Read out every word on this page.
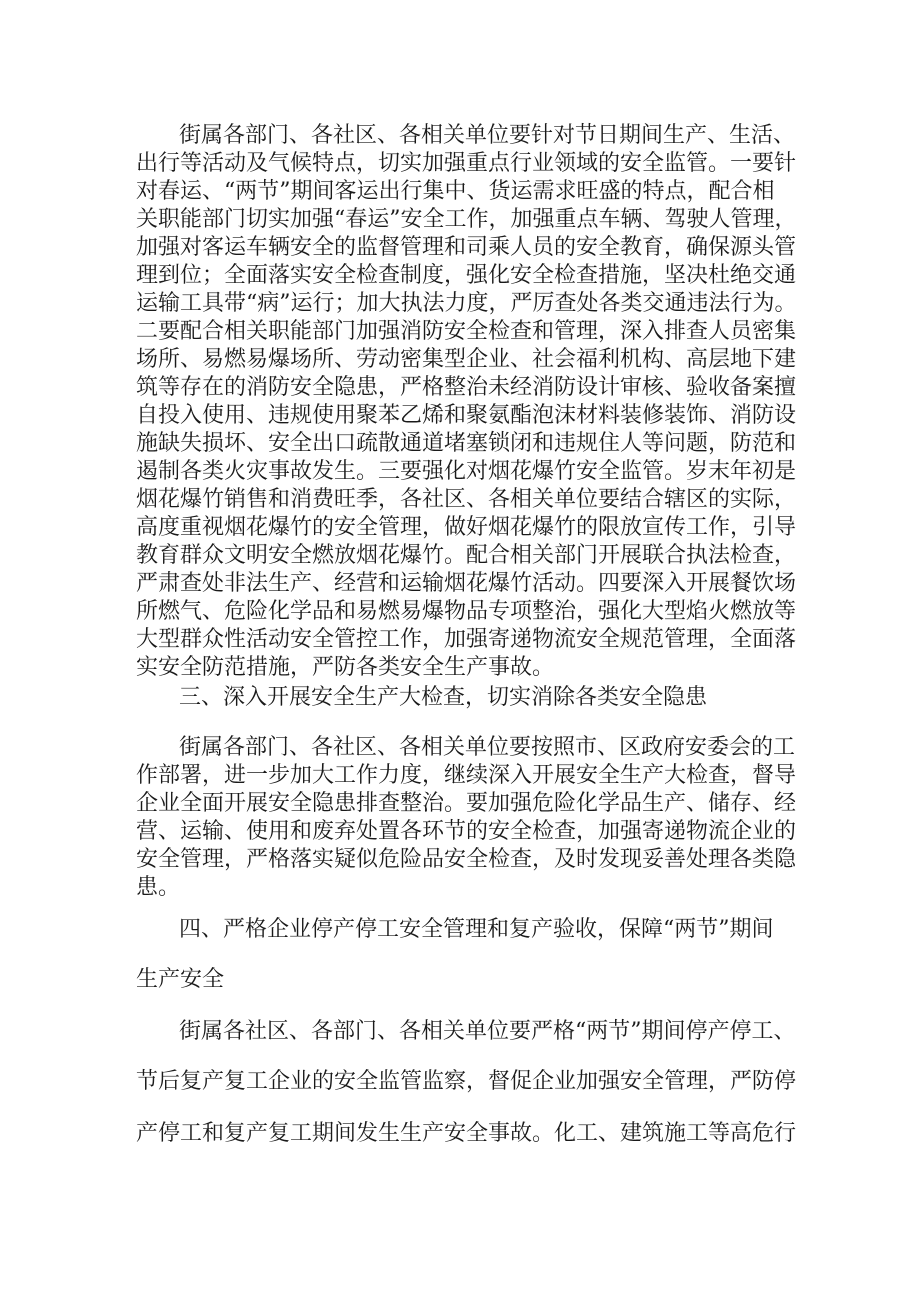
街属各部门、各社区、各相关单位要针对节日期间生产、生活、
出行等活动及气候特点，切实加强重点行业领域的安全监管。一要针
对春运、“两节”期间客运出行集中、货运需求旺盛的特点，配合相
关职能部门切实加强“春运”安全工作，加强重点车辆、驾驶人管理，
加强对客运车辆安全的监督管理和司乘人员的安全教育，确保源头管
理到位；全面落实安全检查制度，强化安全检查措施，坚决杜绝交通
运输工具带“病”运行；加大执法力度，严厉查处各类交通违法行为。
二要配合相关职能部门加强消防安全检查和管理，深入排查人员密集
场所、易燃易爆场所、劳动密集型企业、社会福利机构、高层地下建
筑等存在的消防安全隐患，严格整治未经消防设计审核、验收备案擅
自投入使用、违规使用聚苯乙烯和聚氨酯泡沫材料装修装饰、消防设
施缺失损坏、安全出口疏散通道堵塞锁闭和违规住人等问题，防范和
遏制各类火灾事故发生。三要强化对烟花爆竹安全监管。岁末年初是
烟花爆竹销售和消费旺季，各社区、各相关单位要结合辖区的实际，
高度重视烟花爆竹的安全管理，做好烟花爆竹的限放宣传工作，引导
教育群众文明安全燃放烟花爆竹。配合相关部门开展联合执法检查，
严肃查处非法生产、经营和运输烟花爆竹活动。四要深入开展餐饮场
所燃气、危险化学品和易燃易爆物品专项整治，强化大型焰火燃放等
大型群众性活动安全管控工作，加强寄递物流安全规范管理，全面落
实安全防范措施，严防各类安全生产事故。
三、深入开展安全生产大检查，切实消除各类安全隐患
街属各部门、各社区、各相关单位要按照市、区政府安委会的工
作部署，进一步加大工作力度，继续深入开展安全生产大检查，督导
企业全面开展安全隐患排查整治。要加强危险化学品生产、储存、经
营、运输、使用和废弃处置各环节的安全检查，加强寄递物流企业的
安全管理，严格落实疑似危险品安全检查，及时发现妥善处理各类隐
患。
四、严格企业停产停工安全管理和复产验收，保障“两节”期间
生产安全
街属各社区、各部门、各相关单位要严格“两节”期间停产停工、
节后复产复工企业的安全监管监察，督促企业加强安全管理，严防停
产停工和复产复工期间发生生产安全事故。化工、建筑施工等高危行
